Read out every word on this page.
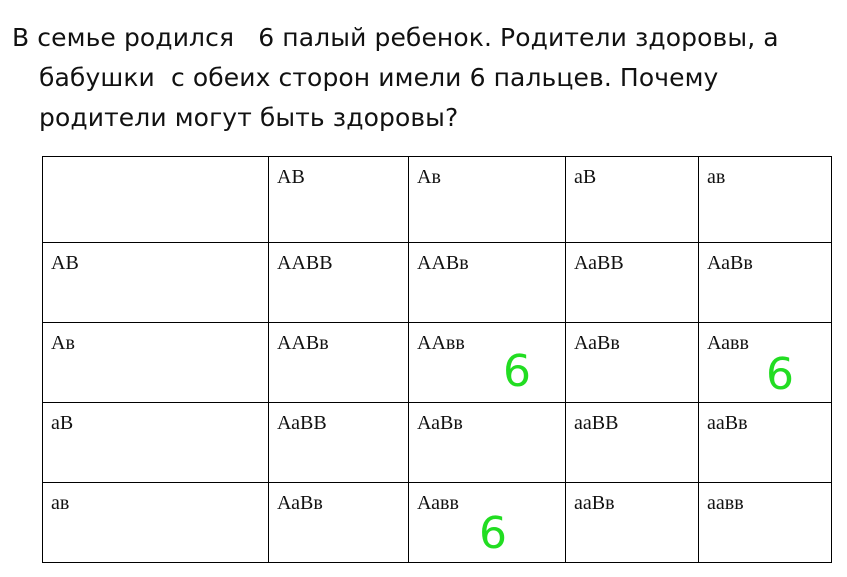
В семье родился   6 палый ребенок. Родители здоровы, а
бабушки  с обеих сторон имели 6 пальцев. Почему
родители могут быть здоровы?
	АВ	Ав	аВ	ав
АВ	ААВВ	ААВв	АаВВ	АаВв
Ав	ААВв	ААвв	АаВв	Аавв
аВ	АаВВ	АаВв	ааВВ	ааВв
ав	АаВв	Аавв	ааВв	аавв
6	6
6
